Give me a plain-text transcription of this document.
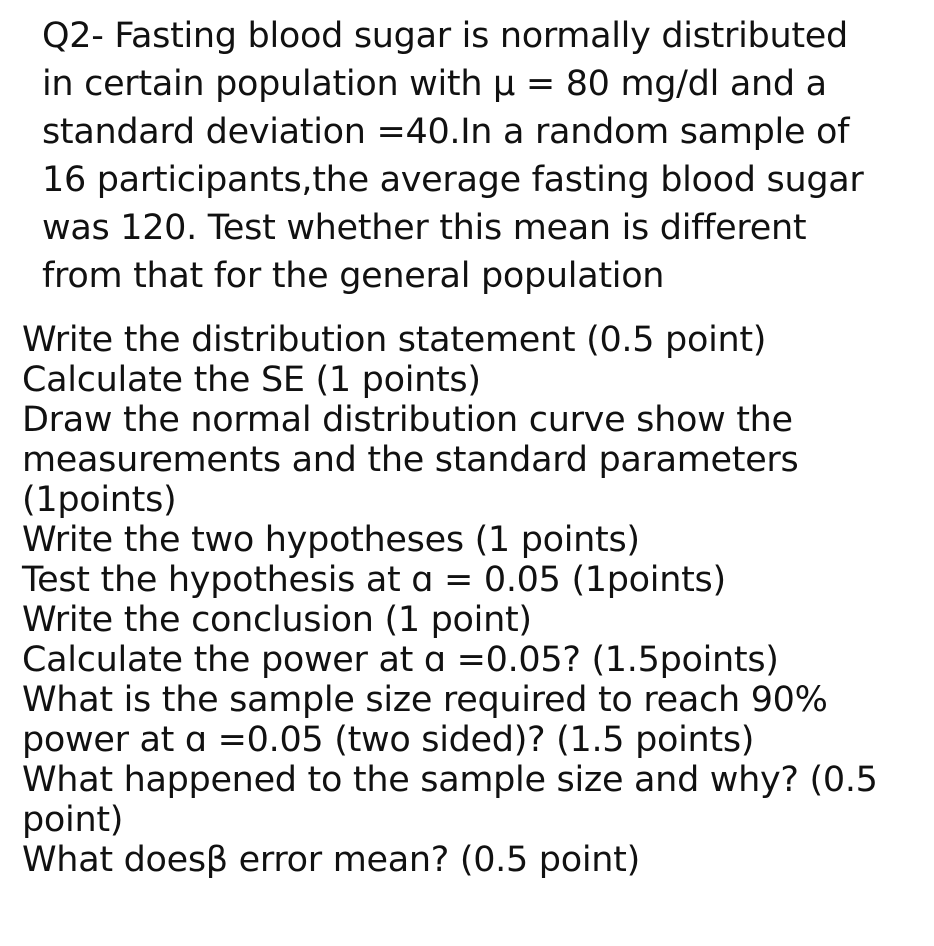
Q2- Fasting blood sugar is normally distributed
in certain population with μ = 80 mg/dl and a
standard deviation =40.In a random sample of
16 participants,the average fasting blood sugar
was 120. Test whether this mean is different
from that for the general population
Write the distribution statement (0.5 point)
Calculate the SE (1 points)
Draw the normal distribution curve show the
measurements and the standard parameters
(1points)
Write the two hypotheses (1 points)
Test the hypothesis at ɑ = 0.05 (1points)
Write the conclusion (1 point)
Calculate the power at ɑ =0.05? (1.5points)
What is the sample size required to reach 90%
power at ɑ =0.05 (two sided)? (1.5 points)
What happened to the sample size and why? (0.5
point)
What doesβ error mean? (0.5 point)
